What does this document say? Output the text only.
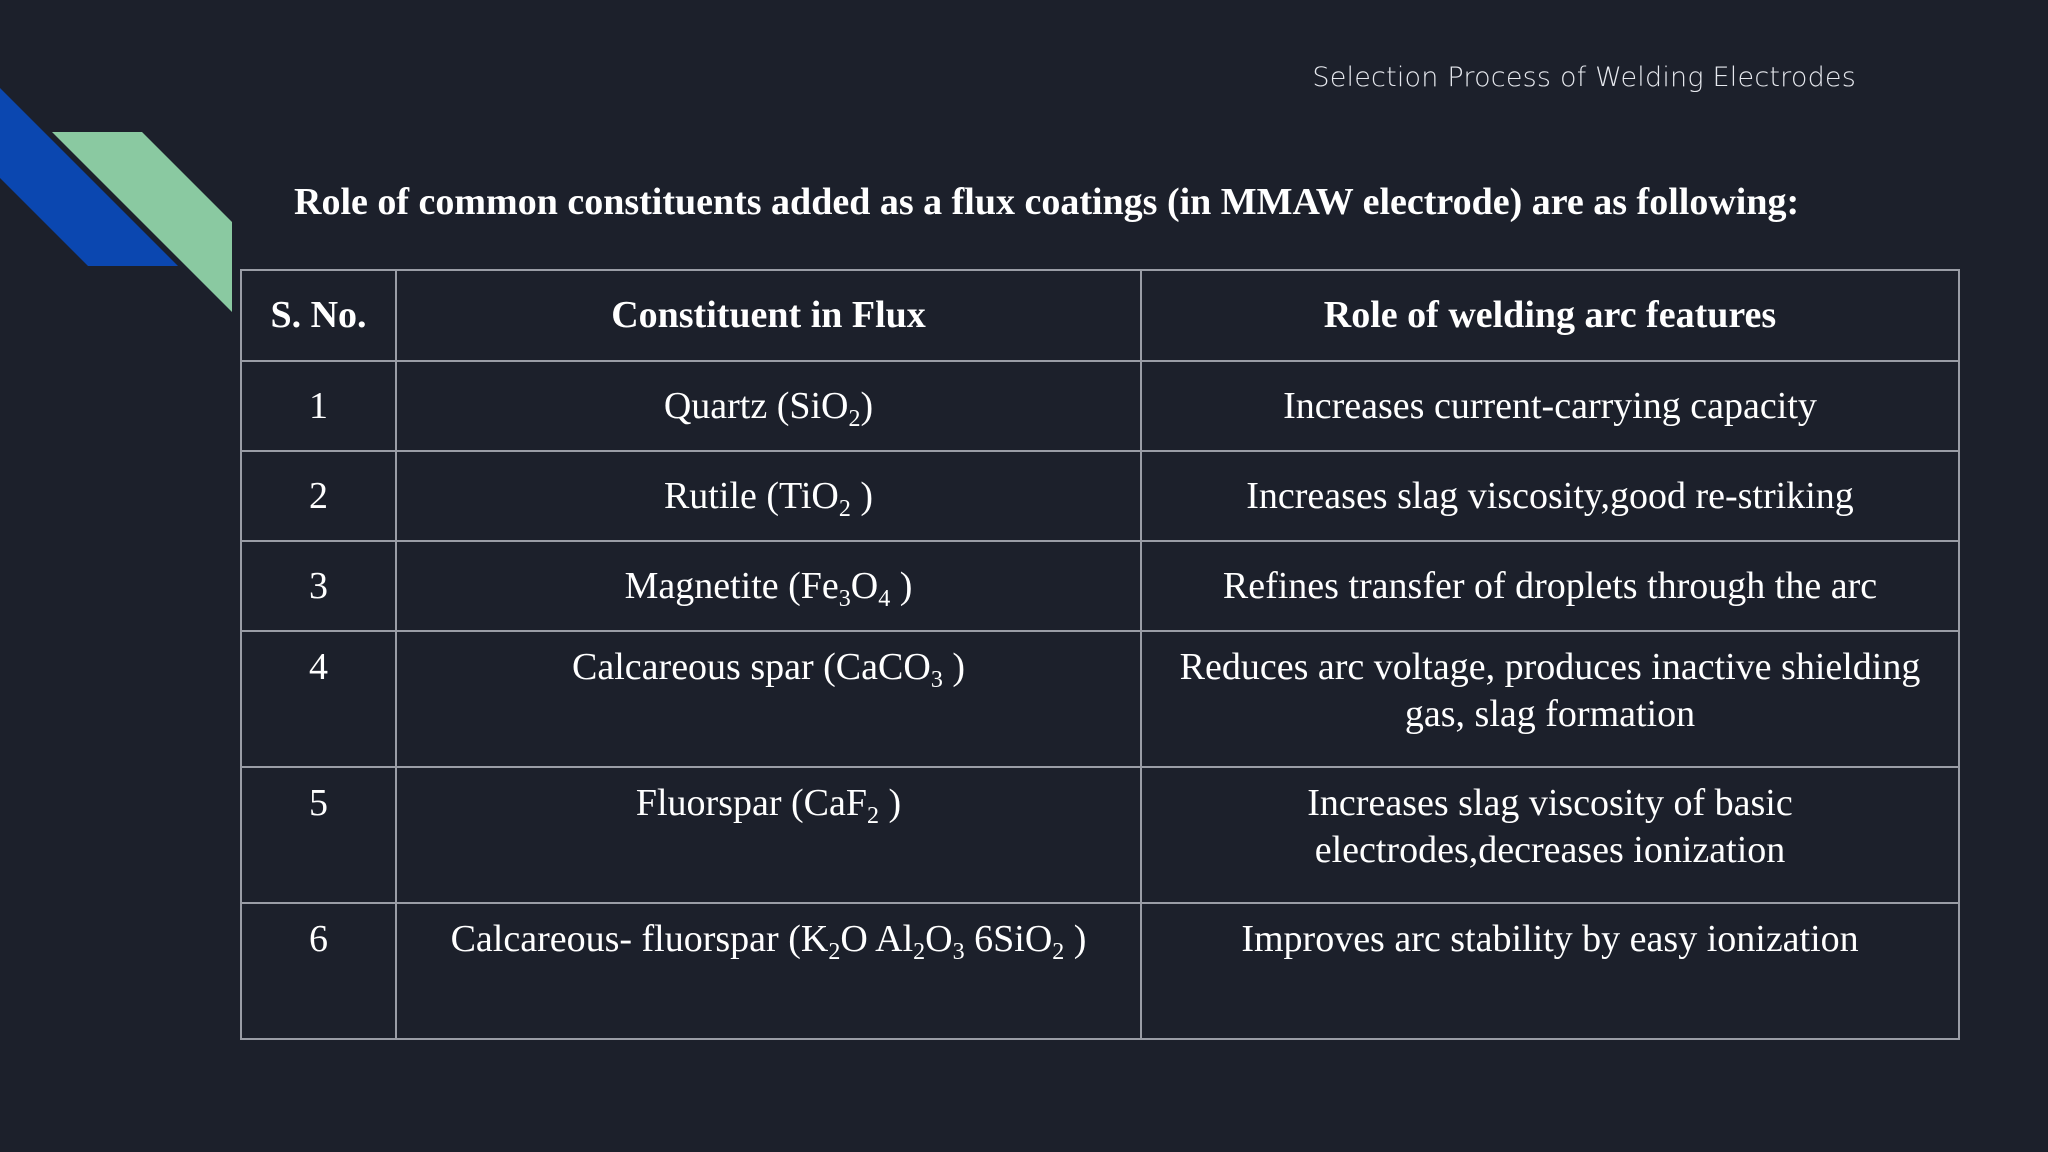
Selection Process of Welding Electrodes
Role of common constituents added as a flux coatings (in MMAW electrode) are as following:
S. No.	Constituent in Flux	Role of welding arc features
1	Quartz (SiO$_2$)	Increases current-carrying capacity
2	Rutile (TiO$_2$ )	Increases slag viscosity,good re-striking
3	Magnetite ($Fe_3O_4$ )	Refines transfer of droplets through the arc
4	Calcareous spar (CaCO$_3$ )	Reduces arc voltage, produces inactive shielding gas, slag formation
5	Fluorspar (CaF$_2$ )	Increases slag viscosity of basic electrodes,decreases ionization
6	Calcareous- fluorspar ($K_2O$ $Al_2O_3$ 6SiO$_2$ )	Improves arc stability by easy ionization
